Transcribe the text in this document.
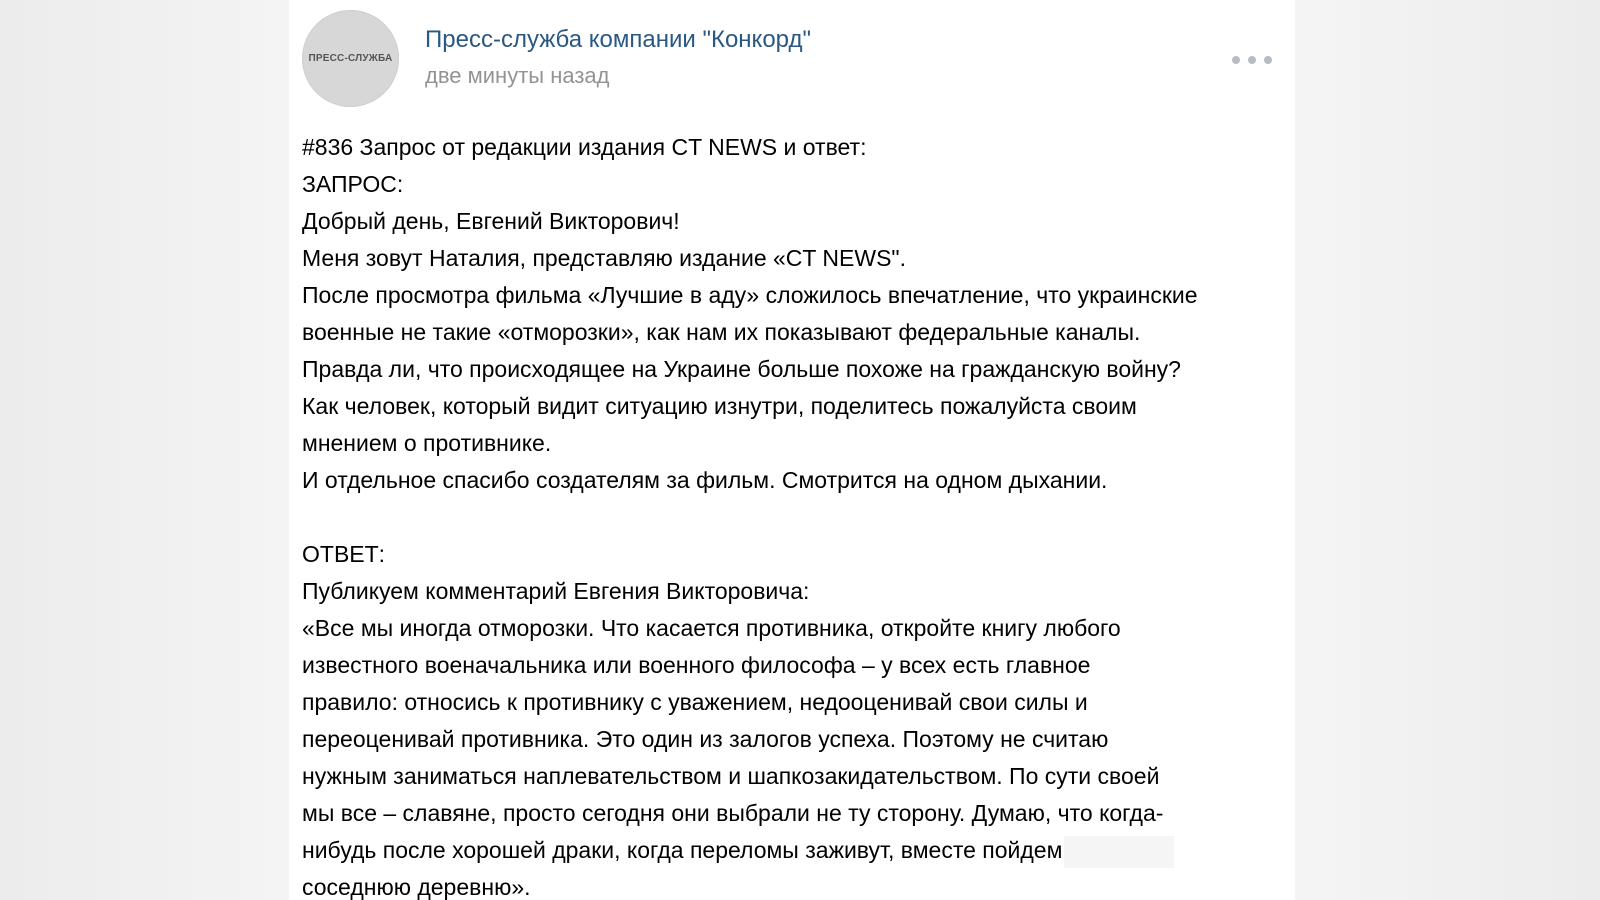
ПРЕСС-СЛУЖБА
Пресс-служба компании "Конкорд"
две минуты назад
#836 Запрос от редакции издания CT NEWS и ответ:
ЗАПРОС:
Добрый день, Евгений Викторович!
Меня зовут Наталия, представляю издание «CT NEWS".
После просмотра фильма «Лучшие в аду» сложилось впечатление, что украинские
военные не такие «отморозки», как нам их показывают федеральные каналы.
Правда ли, что происходящее на Украине больше похоже на гражданскую войну?
Как человек, который видит ситуацию изнутри, поделитесь пожалуйста своим
мнением о противнике.
И отдельное спасибо создателям за фильм. Смотрится на одном дыхании.
ОТВЕТ:
Публикуем комментарий Евгения Викторовича:
«Все мы иногда отморозки. Что касается противника, откройте книгу любого
известного военачальника или военного философа – у всех есть главное
правило: относись к противнику с уважением, недооценивай свои силы и
переоценивай противника. Это один из залогов успеха. Поэтому не считаю
нужным заниматься наплевательством и шапкозакидательством. По сути своей
мы все – славяне, просто сегодня они выбрали не ту сторону. Думаю, что когда-
нибудь после хорошей драки, когда переломы заживут, вместе пойдем
соседнюю деревню».
